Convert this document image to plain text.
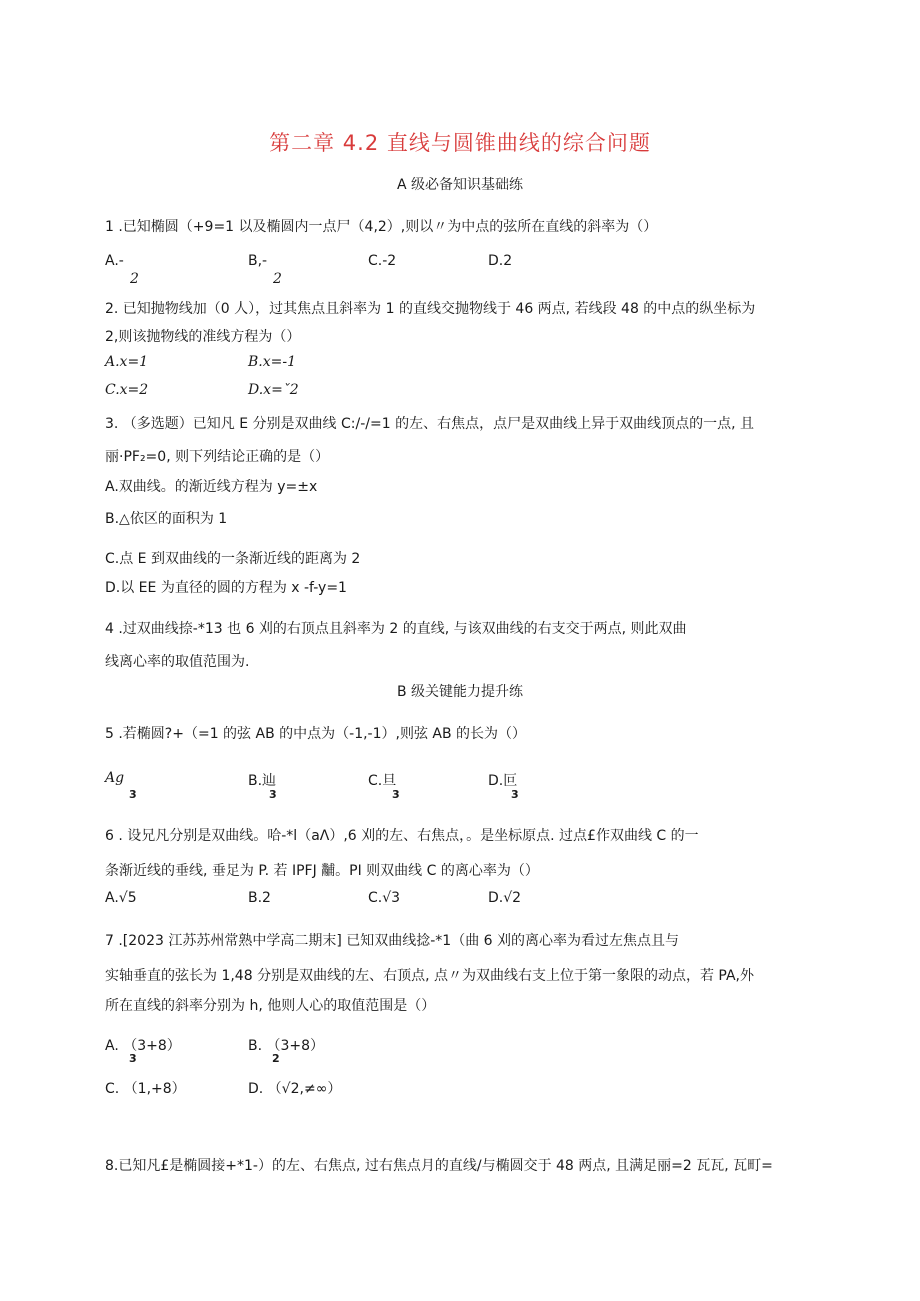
第二章 4.2 直线与圆锥曲线的综合问题
A 级必备知识基础练
1 .已知椭圆（+9=1 以及椭圆内一点尸（4,2）,则以〃为中点的弦所在直线的斜率为（）
A.-
2
B,-
2
C.-2	D.2
2. 已知抛物线加（0 人），过其焦点且斜率为 1 的直线交抛物线于 46 两点, 若线段 48 的中点的纵坐标为
2,则该抛物线的准线方程为（）
A.x=1	B.x=-1
C.x=2	D.x=ˇ2
3. （多选题）已知凡 E 分别是双曲线 C:/-/=1 的左、右焦点，点尸是双曲线上异于双曲线顶点的一点, 且
丽·PF₂=0, 则下列结论正确的是（）
A.双曲线。的渐近线方程为 y=±x
B.△依区的面积为 1
C.点 E 到双曲线的一条渐近线的距离为 2
D.以 EE 为直径的圆的方程为 x -f-y=1
4 .过双曲线捺-*13 也 6 刈的右顶点且斜率为 2 的直线, 与该双曲线的右支交于两点, 则此双曲
线离心率的取值范围为.
B 级关键能力提升练
5 .若椭圆?+（=1 的弦 AB 的中点为（-1,-1）,则弦 AB 的长为（）
Ag
3
B.辿
3
C.旦
3
D.叵
3
6 . 设兄凡分别是双曲线。哈-*l（aΛ）,6 刈的左、右焦点，。是坐标原点. 过点£作双曲线 C 的一
条渐近线的垂线, 垂足为 P. 若 IPFJ 黼。PI 则双曲线 C 的离心率为（）
A.√5	B.2	C.√3	D.√2
7 .[2023 江苏苏州常熟中学高二期末] 已知双曲线捻-*1（曲 6 刈的离心率为看过左焦点且与
实轴垂直的弦长为 1,48 分别是双曲线的左、右顶点, 点〃为双曲线右支上位于第一象限的动点，若 PA,外
所在直线的斜率分别为 h, 他则人心的取值范围是（）
A. （3+8）
3
B. （3+8）
2
C. （1,+8）	D. （√2,≠∞）
8.已知凡£是椭圆接+*1-）的左、右焦点, 过右焦点月的直线/与椭圆交于 48 两点, 且满足丽=2 瓦瓦, 瓦町=
